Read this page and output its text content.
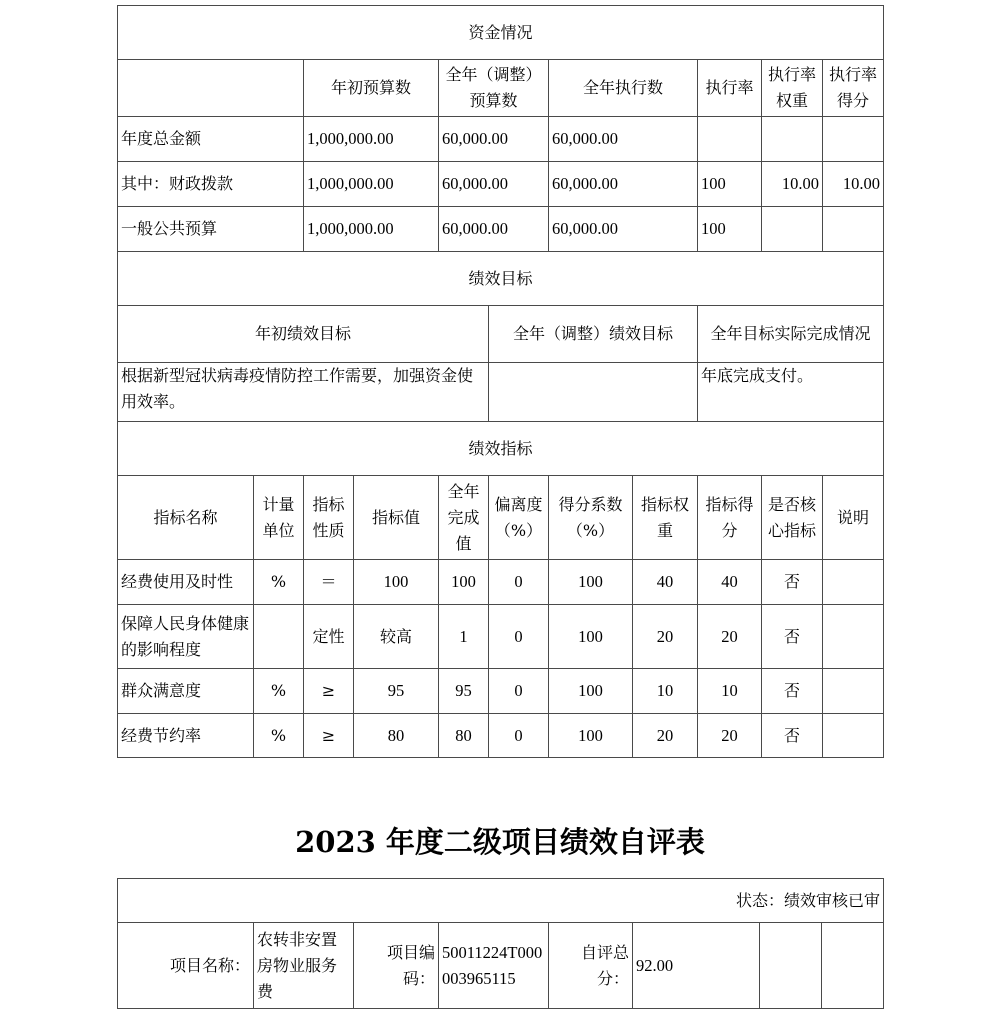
资金情况										
		年初预算数		全年（调整）预算数		全年执行数		执行率	执行率权重	执行率得分
年度总金额		1,000,000.00		60,000.00		60,000.00				
其中：财政拨款		1,000,000.00		60,000.00		60,000.00		100	10.00	10.00
一般公共预算		1,000,000.00		60,000.00		60,000.00		100		
绩效目标										
年初绩效目标					全年（调整）绩效目标			全年目标实际完成情况		
根据新型冠状病毒疫情防控工作需要，加强资金使用效率。								年底完成支付。		
绩效指标										
指标名称	计量单位	指标性质	指标值	全年完成值	偏离度（%）	得分系数（%）	指标权重	指标得分	是否核心指标	说明
经费使用及时性	%	＝	100	100	0	100	40	40	否	
保障人民身体健康的影响程度		定性	较高	1	0	100	20	20	否	
群众满意度	%	≥	95	95	0	100	10	10	否	
经费节约率	%	≥	80	80	0	100	20	20	否	
2023 年度二级项目绩效自评表
状态：绩效审核已审
项目名称：	农转非安置房物业服务费	项目编码：	50011224T000003965115	自评总分：	92.00		
